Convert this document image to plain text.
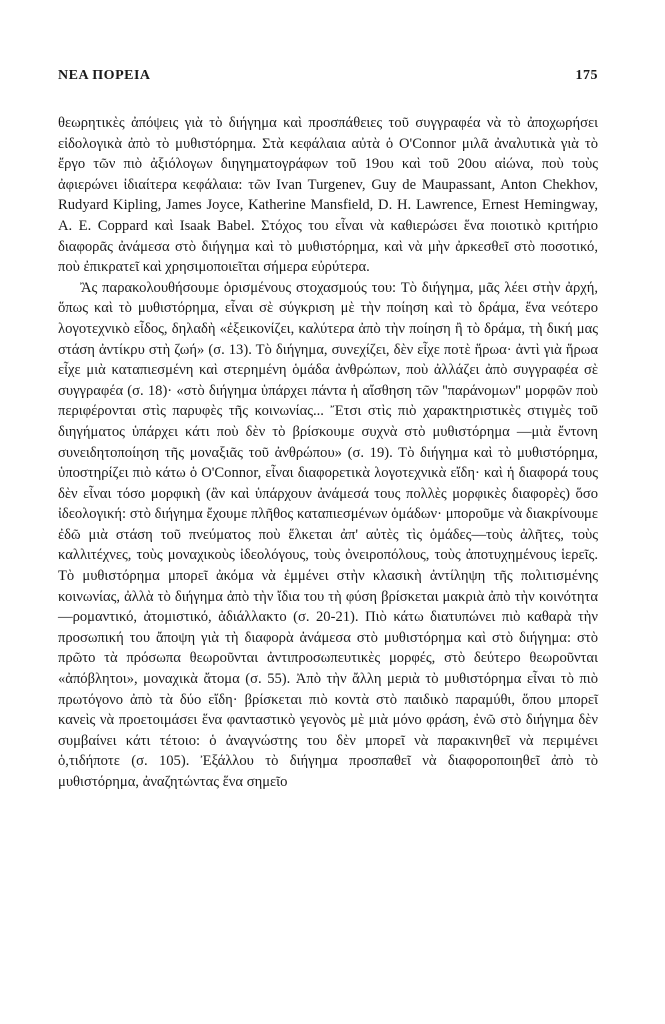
ΝΕΑ ΠΟΡΕΙΑ	175

θεωρητικὲς ἀπόψεις γιὰ τὸ διήγημα καὶ προσπάθειες τοῦ συγγραφέα νὰ τὸ ἀποχωρήσει εἰδολογικὰ ἀπὸ τὸ μυθιστόρημα. Στὰ κεφάλαια αὐτὰ ὁ O'Connor μιλᾶ ἀναλυτικὰ γιὰ τὸ ἔργο τῶν πιὸ ἀξιόλογων διηγηματογράφων τοῦ 19ου καὶ τοῦ 20ου αἰώνα, ποὺ τοὺς ἀφιερώνει ἰδιαίτερα κεφάλαια: τῶν Ivan Turgenev, Guy de Maupassant, Anton Chekhov, Rudyard Kipling, James Joyce, Katherine Mansfield, D. H. Lawrence, Ernest Hemingway, A. E. Coppard καὶ Isaak Babel. Στόχος του εἶναι νὰ καθιερώσει ἕνα ποιοτικὸ κριτήριο διαφορᾶς ἀνάμεσα στὸ διήγημα καὶ τὸ μυθιστόρημα, καὶ νὰ μὴν ἀρκεσθεῖ στὸ ποσοτικό, ποὺ ἐπικρατεῖ καὶ χρησιμοποιεῖται σήμερα εὐρύτερα.

Ἂς παρακολουθήσουμε ὁρισμένους στοχασμούς του: Τὸ διήγημα, μᾶς λέει στὴν ἀρχή, ὅπως καὶ τὸ μυθιστόρημα, εἶναι σὲ σύγκριση μὲ τὴν ποίηση καὶ τὸ δράμα, ἕνα νεότερο λογοτεχνικὸ εἶδος, δηλαδὴ «ἐξεικονίζει, καλύτερα ἀπὸ τὴν ποίηση ἢ τὸ δράμα, τὴ δική μας στάση ἀντίκρυ στὴ ζωή» (σ. 13). Τὸ διήγημα, συνεχίζει, δὲν εἶχε ποτὲ ἥρωα· ἀντὶ γιὰ ἥρωα εἶχε μιὰ καταπιεσμένη καὶ στερημένη ὁμάδα ἀνθρώπων, ποὺ ἀλλάζει ἀπὸ συγγραφέα σὲ συγγραφέα (σ. 18)· «στὸ διήγημα ὑπάρχει πάντα ἡ αἴσθηση τῶν ''παράνομων'' μορφῶν ποὺ περιφέρονται στὶς παρυφὲς τῆς κοινωνίας... Ἔτσι στὶς πιὸ χαρακτηριστικὲς στιγμὲς τοῦ διηγήματος ὑπάρχει κάτι ποὺ δὲν τὸ βρίσκουμε συχνὰ στὸ μυθιστόρημα —μιὰ ἔντονη συνειδητοποίηση τῆς μοναξιᾶς τοῦ ἀνθρώπου» (σ. 19). Τὸ διήγημα καὶ τὸ μυθιστόρημα, ὑποστηρίζει πιὸ κάτω ὁ O'Connor, εἶναι διαφορετικὰ λογοτεχνικὰ εἴδη· καὶ ἡ διαφορά τους δὲν εἶναι τόσο μορφικὴ (ἂν καὶ ὑπάρχουν ἀνάμεσά τους πολλὲς μορφικὲς διαφορὲς) ὅσο ἰδεολογική: στὸ διήγημα ἔχουμε πλῆθος καταπιεσμένων ὁμάδων· μποροῦμε νὰ διακρίνουμε ἐδῶ μιὰ στάση τοῦ πνεύματος ποὺ ἕλκεται ἀπ' αὐτὲς τὶς ὁμάδες—τοὺς ἀλῆτες, τοὺς καλλιτέχνες, τοὺς μοναχικοὺς ἰδεολόγους, τοὺς ὀνειροπόλους, τοὺς ἀποτυχημένους ἱερεῖς. Τὸ μυθιστόρημα μπορεῖ ἀκόμα νὰ ἐμμένει στὴν κλασικὴ ἀντίληψη τῆς πολιτισμένης κοινωνίας, ἀλλὰ τὸ διήγημα ἀπὸ τὴν ἴδια του τὴ φύση βρίσκεται μακριὰ ἀπὸ τὴν κοινότητα —ρομαντικό, ἀτομιστικό, ἀδιάλλακτο (σ. 20-21). Πιὸ κάτω διατυπώνει πιὸ καθαρὰ τὴν προσωπική του ἄποψη γιὰ τὴ διαφορὰ ἀνάμεσα στὸ μυθιστόρημα καὶ στὸ διήγημα: στὸ πρῶτο τὰ πρόσωπα θεωροῦνται ἀντιπροσωπευτικὲς μορφές, στὸ δεύτερο θεωροῦνται «ἀπόβλητοι», μοναχικὰ ἄτομα (σ. 55). Ἀπὸ τὴν ἄλλη μεριὰ τὸ μυθιστόρημα εἶναι τὸ πιὸ πρωτόγονο ἀπὸ τὰ δύο εἴδη· βρίσκεται πιὸ κοντὰ στὸ παιδικὸ παραμύθι, ὅπου μπορεῖ κανεὶς νὰ προετοιμάσει ἕνα φανταστικὸ γεγονὸς μὲ μιὰ μόνο φράση, ἐνῶ στὸ διήγημα δὲν συμβαίνει κάτι τέτοιο: ὁ ἀναγνώστης του δὲν μπορεῖ νὰ παρακινηθεῖ νὰ περιμένει ὁ,τιδήποτε (σ. 105). Ἐξάλλου τὸ διήγημα προσπαθεῖ νὰ διαφοροποιηθεῖ ἀπὸ τὸ μυθιστόρημα, ἀναζητώντας ἕνα σημεῖο
